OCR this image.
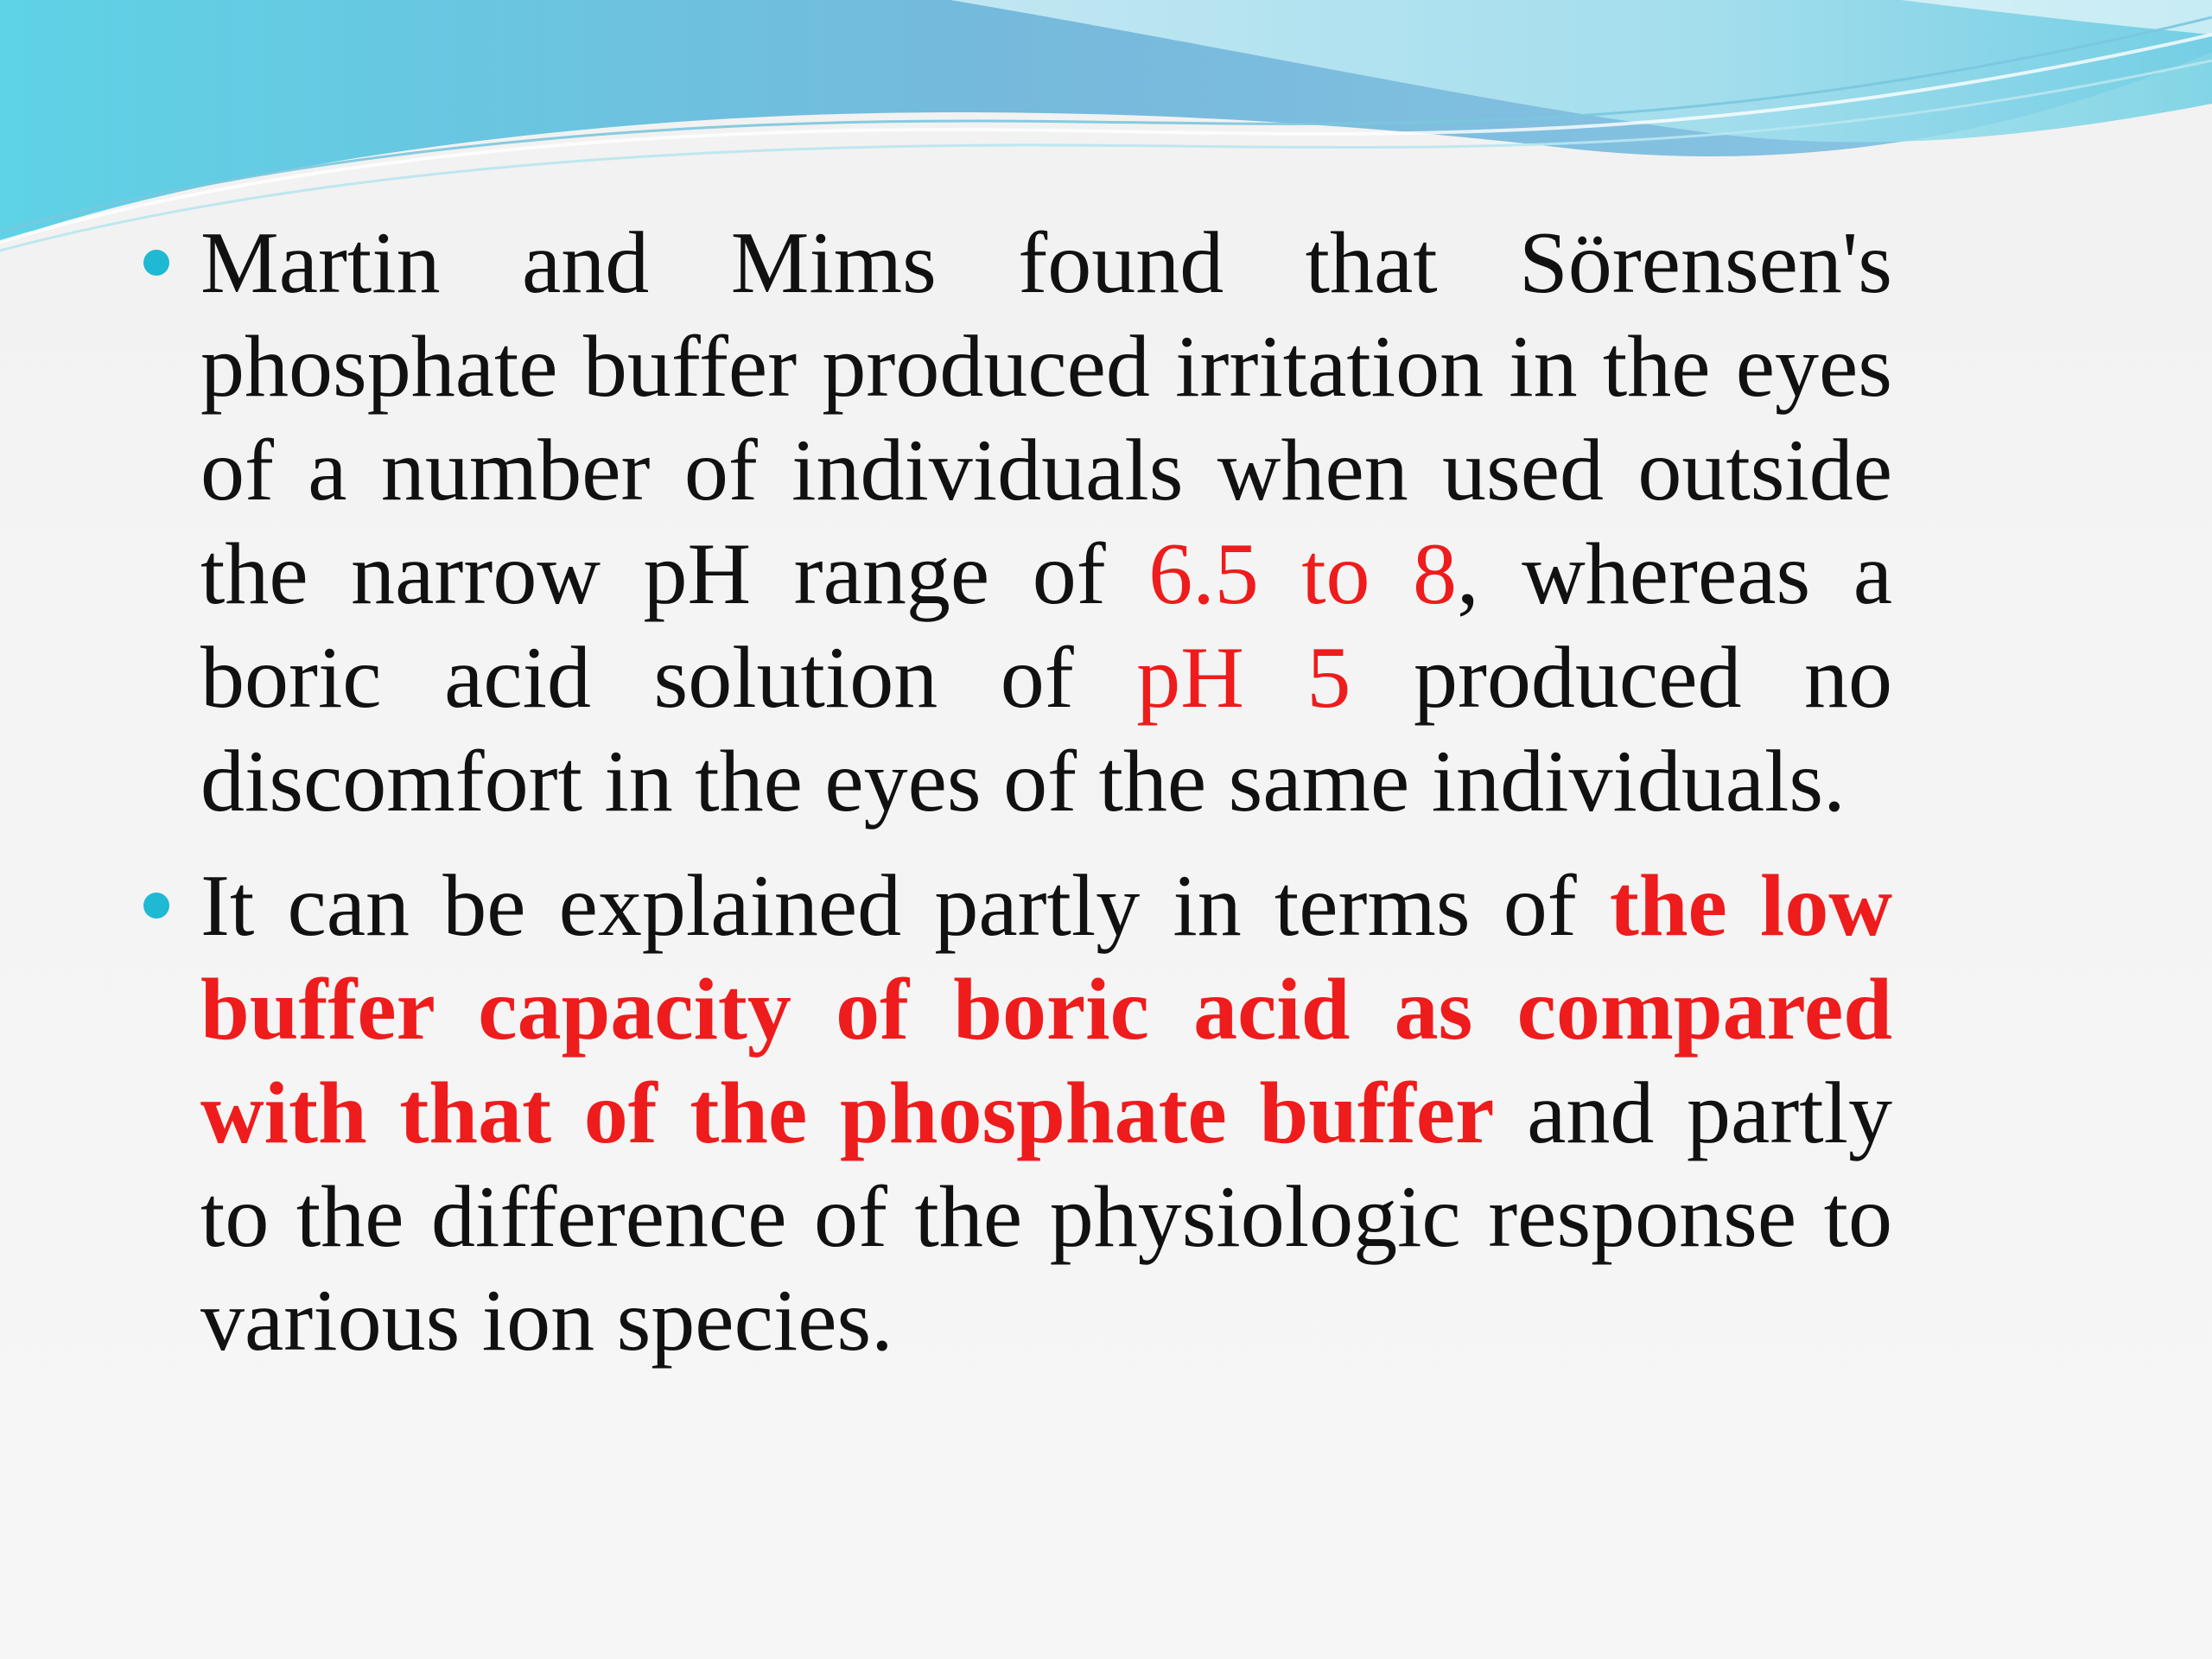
Martin and Mims found that Sörensen's phosphate buffer produced irritation in the eyes of a number of individuals when used outside the narrow pH range of 6.5 to 8, whereas a boric acid solution of pH 5 produced no discomfort in the eyes of the same individuals.

It can be explained partly in terms of the low buffer capacity of boric acid as compared with that of the phosphate buffer and partly to the difference of the physiologic response to various ion species.
